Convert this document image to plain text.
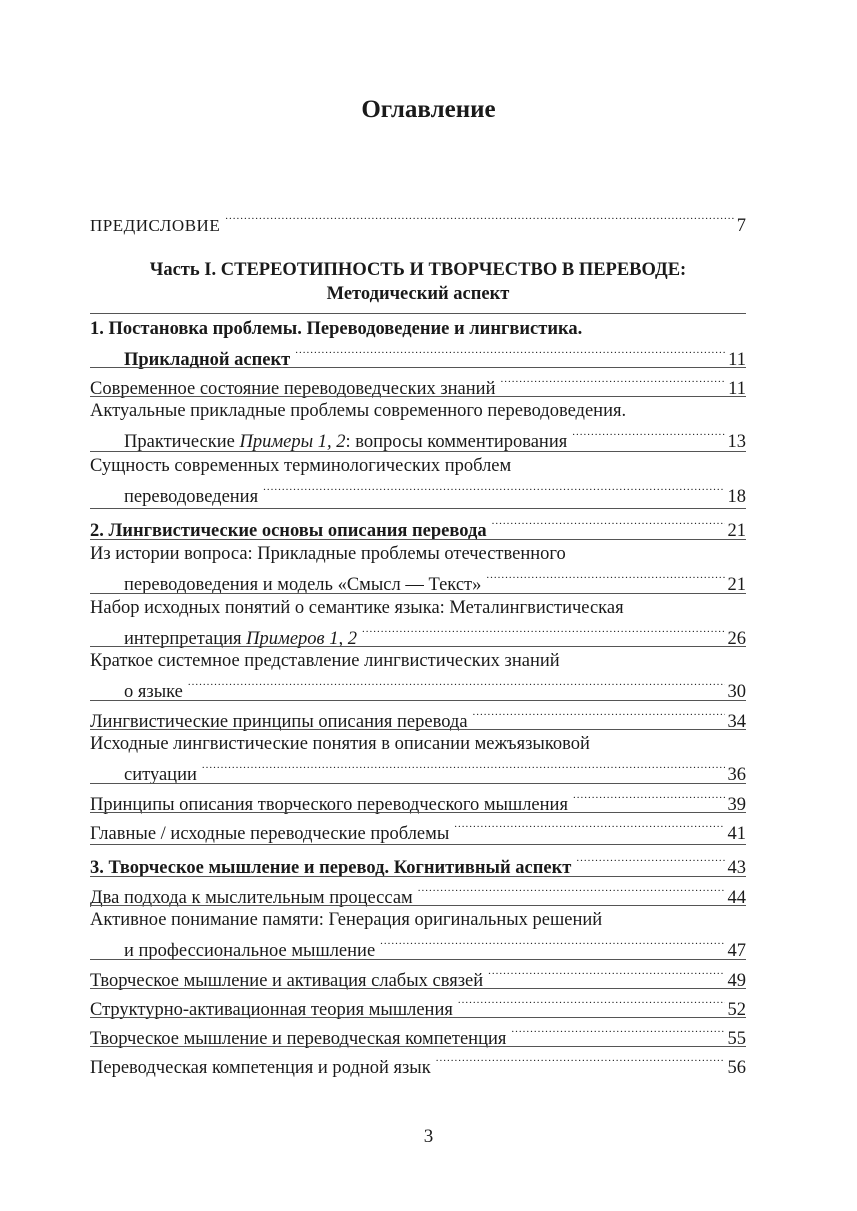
Оглавление
ПРЕДИСЛОВИЕ .....	7
Часть I. СТЕРЕОТИПНОСТЬ И ТВОРЧЕСТВО В ПЕРЕВОДЕ:
Методический аспект
1. Постановка проблемы. Переводоведение и лингвистика.
Прикладной аспект .....	11
Современное состояние переводоведческих знаний .....	11
Актуальные прикладные проблемы современного переводоведения.
Практические Примеры 1, 2: вопросы комментирования .....	13
Сущность современных терминологических проблем
переводоведения .....	18
2. Лингвистические основы описания перевода .....	21
Из истории вопроса: Прикладные проблемы отечественного
переводоведения и модель «Смысл — Текст» .....	21
Набор исходных понятий о семантике языка: Металингвистическая
интерпретация Примеров 1, 2 .....	26
Краткое системное представление лингвистических знаний
о языке .....	30
Лингвистические принципы описания перевода .....	34
Исходные лингвистические понятия в описании межъязыковой
ситуации .....	36
Принципы описания творческого переводческого мышления .....	39
Главные / исходные переводческие проблемы .....	41
3. Творческое мышление и перевод. Когнитивный аспект .....	43
Два подхода к мыслительным процессам .....	44
Активное понимание памяти: Генерация оригинальных решений
и профессиональное мышление .....	47
Творческое мышление и активация слабых связей .....	49
Структурно-активационная теория мышления .....	52
Творческое мышление и переводческая компетенция .....	55
Переводческая компетенция и родной язык .....	56
3
